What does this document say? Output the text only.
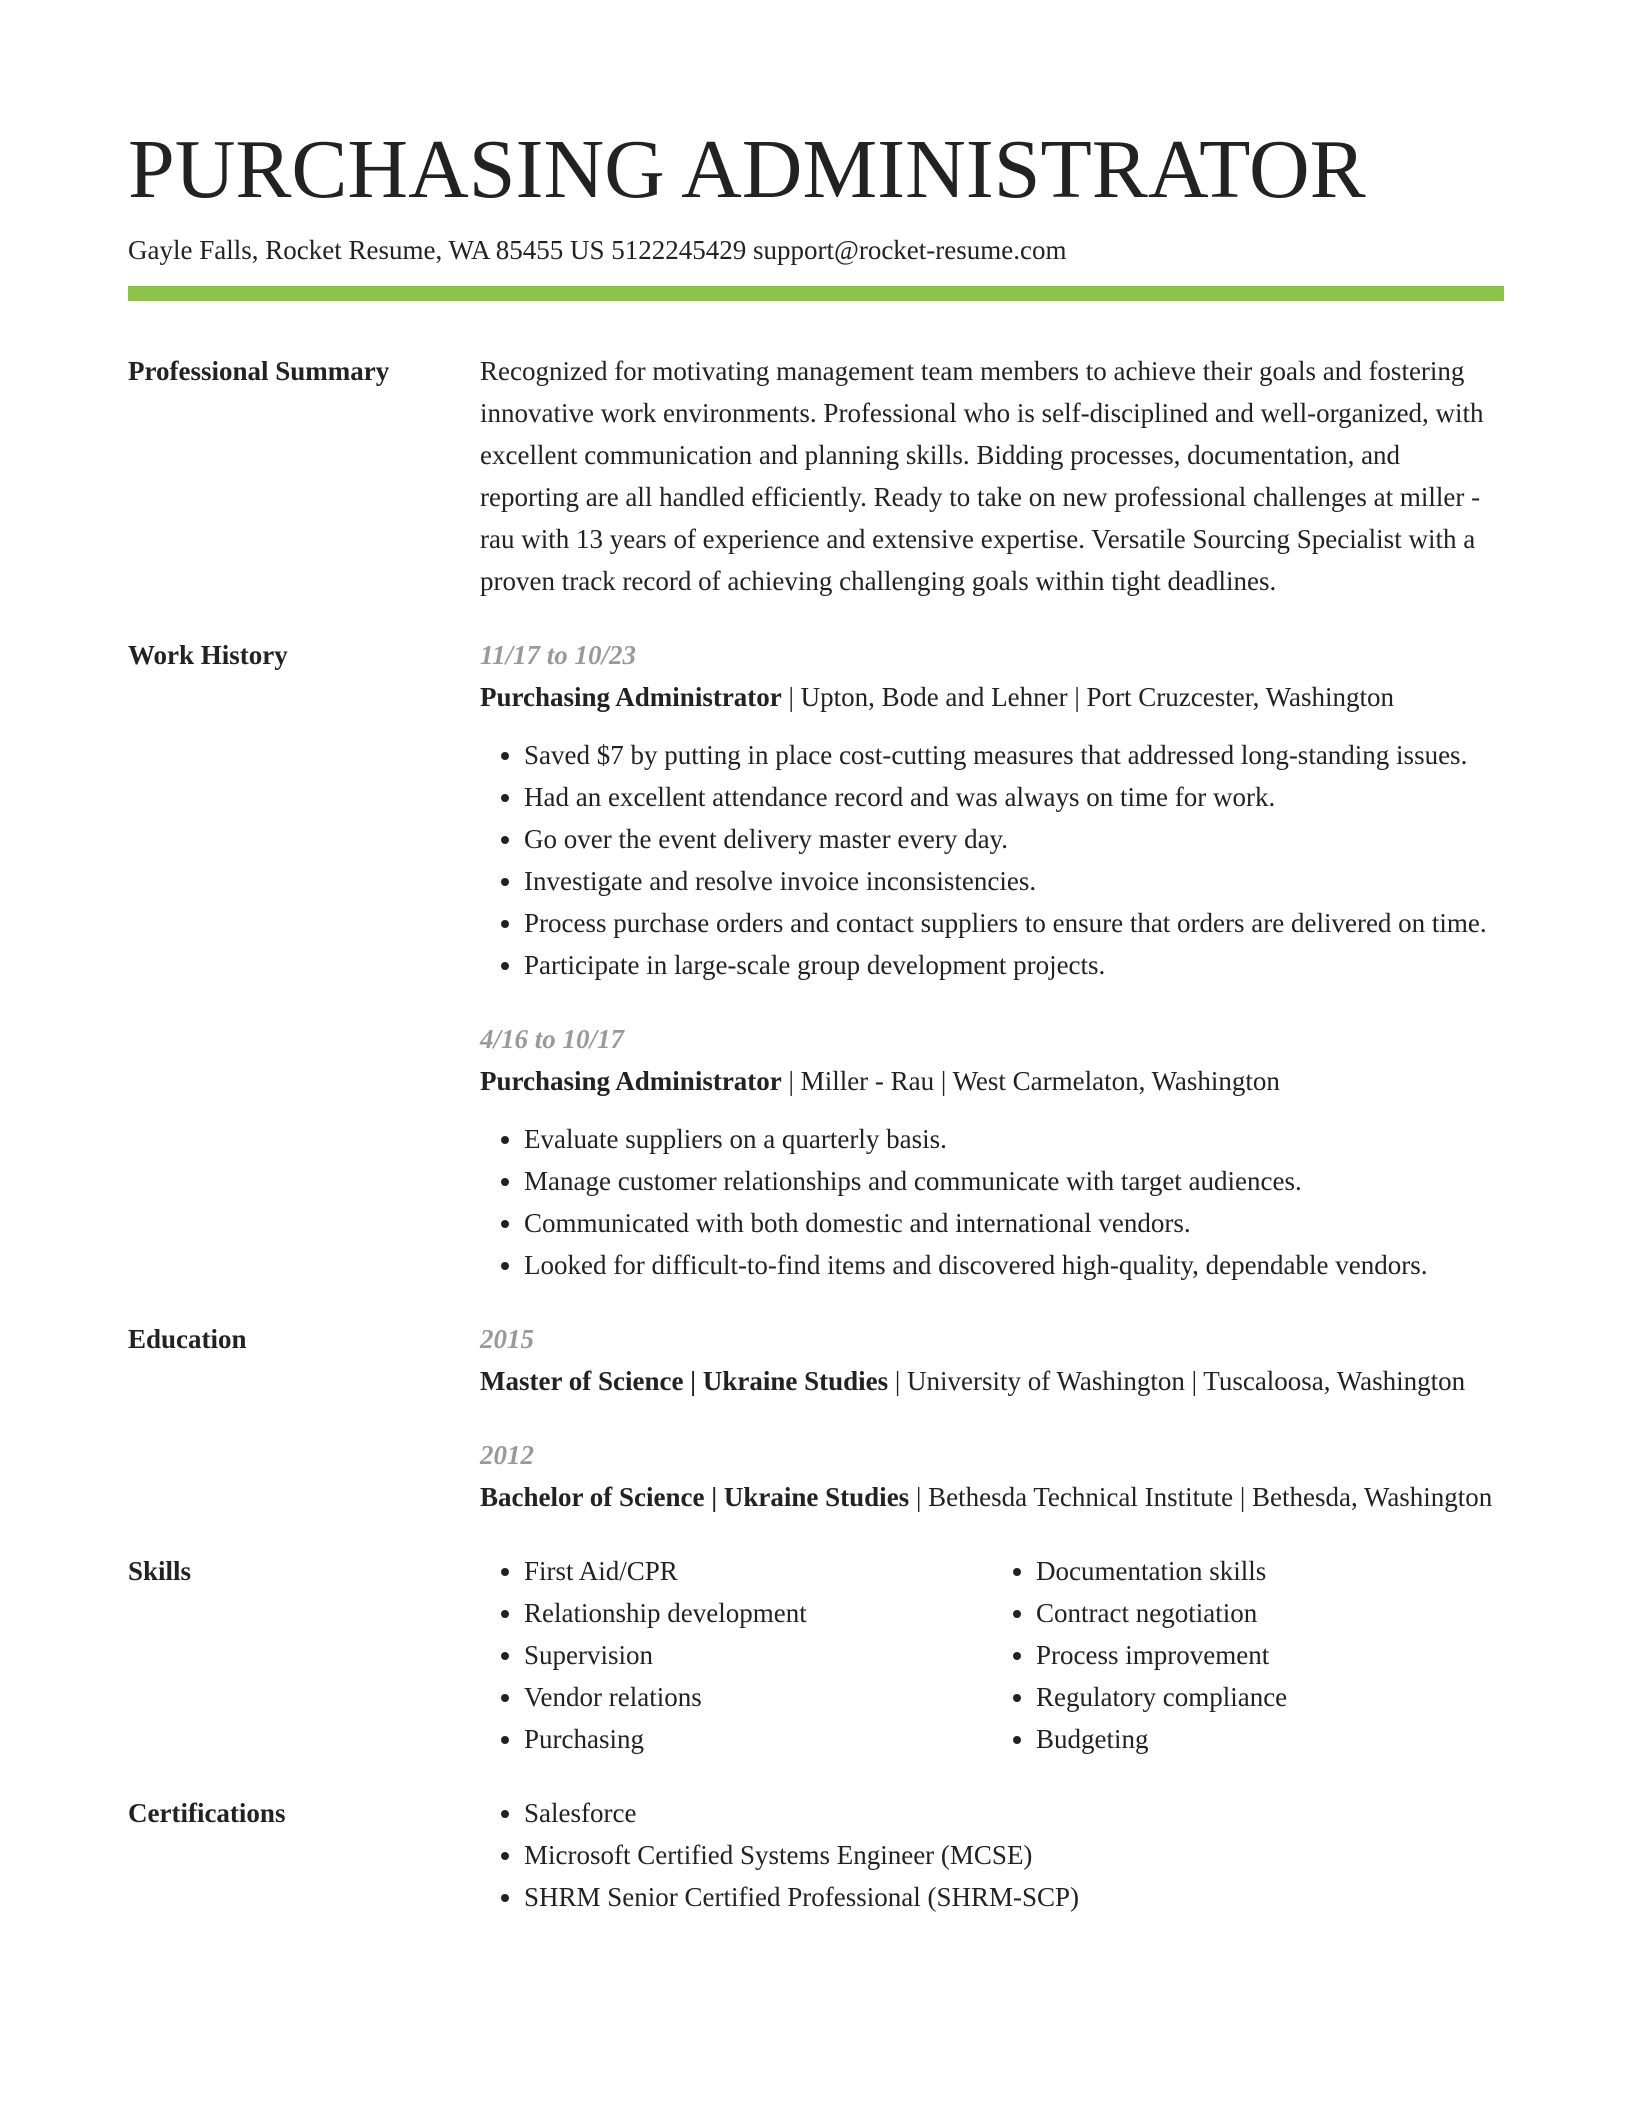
PURCHASING ADMINISTRATOR
Gayle Falls, Rocket Resume, WA 85455 US 5122245429 support@rocket-resume.com
Professional Summary	Recognized for motivating management team members to achieve their goals and fostering innovative work environments. Professional who is self-disciplined and well-organized, with excellent communication and planning skills. Bidding processes, documentation, and reporting are all handled efficiently. Ready to take on new professional challenges at miller - rau with 13 years of experience and extensive expertise. Versatile Sourcing Specialist with a proven track record of achieving challenging goals within tight deadlines.

Work History	11/17 to 10/23
Purchasing Administrator | Upton, Bode and Lehner | Port Cruzcester, Washington
• Saved $7 by putting in place cost-cutting measures that addressed long-standing issues.
• Had an excellent attendance record and was always on time for work.
• Go over the event delivery master every day.
• Investigate and resolve invoice inconsistencies.
• Process purchase orders and contact suppliers to ensure that orders are delivered on time.
• Participate in large-scale group development projects.
4/16 to 10/17
Purchasing Administrator | Miller - Rau | West Carmelaton, Washington
• Evaluate suppliers on a quarterly basis.
• Manage customer relationships and communicate with target audiences.
• Communicated with both domestic and international vendors.
• Looked for difficult-to-find items and discovered high-quality, dependable vendors.
Education	2015
Master of Science | Ukraine Studies | University of Washington | Tuscaloosa, Washington
2012
Bachelor of Science | Ukraine Studies | Bethesda Technical Institute | Bethesda, Washington
Skills	• First Aid/CPR
• Relationship development
• Supervision
• Vendor relations
• Purchasing
• Documentation skills
• Contract negotiation
• Process improvement
• Regulatory compliance
• Budgeting
Certifications	• Salesforce
• Microsoft Certified Systems Engineer (MCSE)
• SHRM Senior Certified Professional (SHRM-SCP)
